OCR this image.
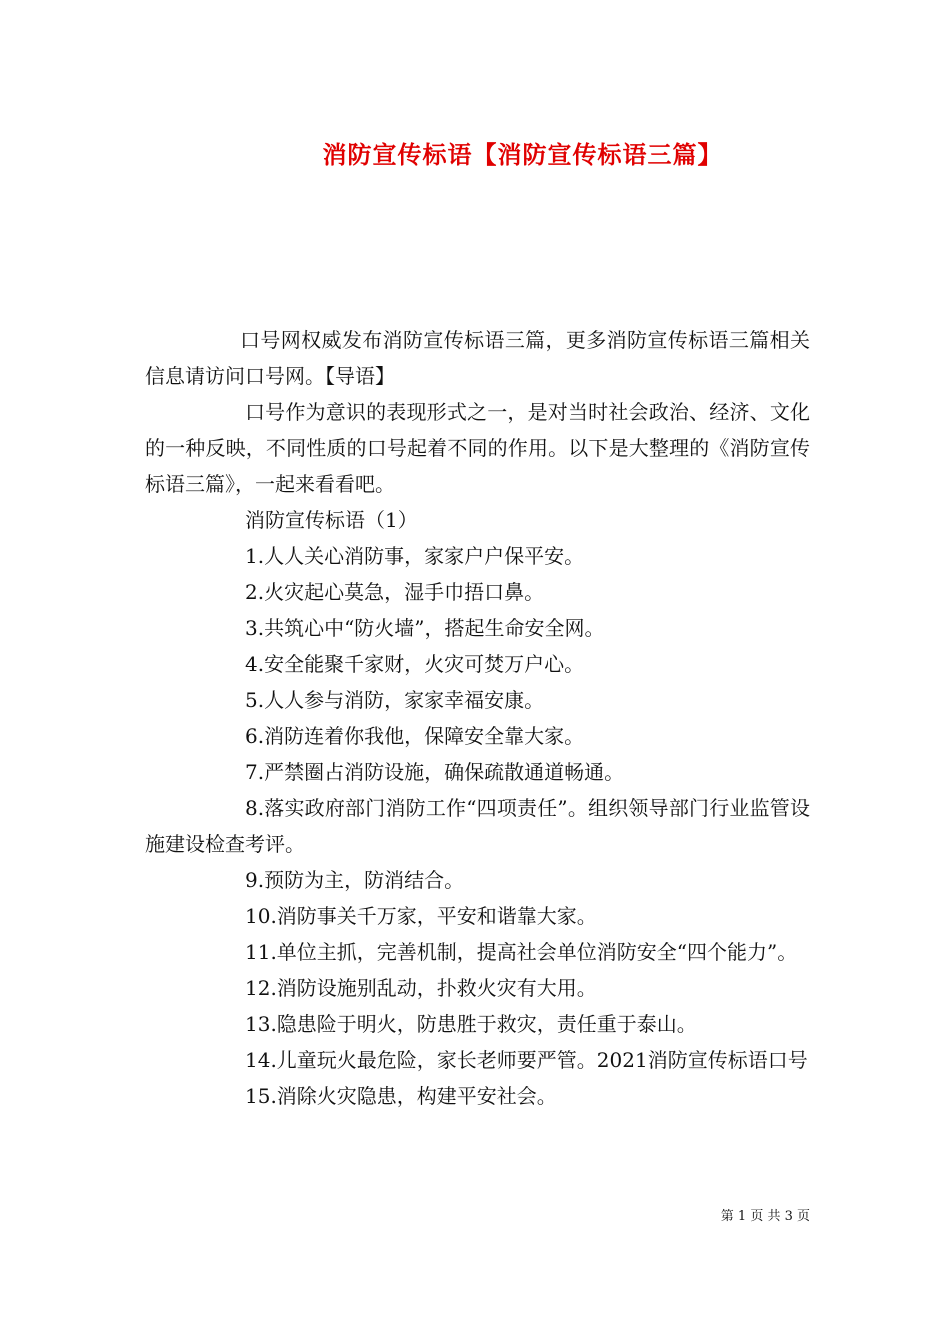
消防宣传标语【消防宣传标语三篇】

口号网权威发布消防宣传标语三篇，更多消防宣传标语三篇相关信息请访问口号网。【导语】

口号作为意识的表现形式之一，是对当时社会政治、经济、文化的一种反映，不同性质的口号起着不同的作用。以下是大整理的《消防宣传标语三篇》，一起来看看吧。

消防宣传标语（1）

1.人人关心消防事，家家户户保平安。

2.火灾起心莫急，湿手巾捂口鼻。

3.共筑心中“防火墙”，搭起生命安全网。

4.安全能聚千家财，火灾可焚万户心。

5.人人参与消防，家家幸福安康。

6.消防连着你我他，保障安全靠大家。

7.严禁圈占消防设施，确保疏散通道畅通。

8.落实政府部门消防工作“四项责任”。组织领导部门行业监管设施建设检查考评。

9.预防为主，防消结合。

10.消防事关千万家，平安和谐靠大家。

11.单位主抓，完善机制，提高社会单位消防安全“四个能力”。

12.消防设施别乱动，扑救火灾有大用。

13.隐患险于明火，防患胜于救灾，责任重于泰山。

14.儿童玩火最危险，家长老师要严管。2021消防宣传标语口号

15.消除火灾隐患，构建平安社会。

第 1 页 共 3 页
